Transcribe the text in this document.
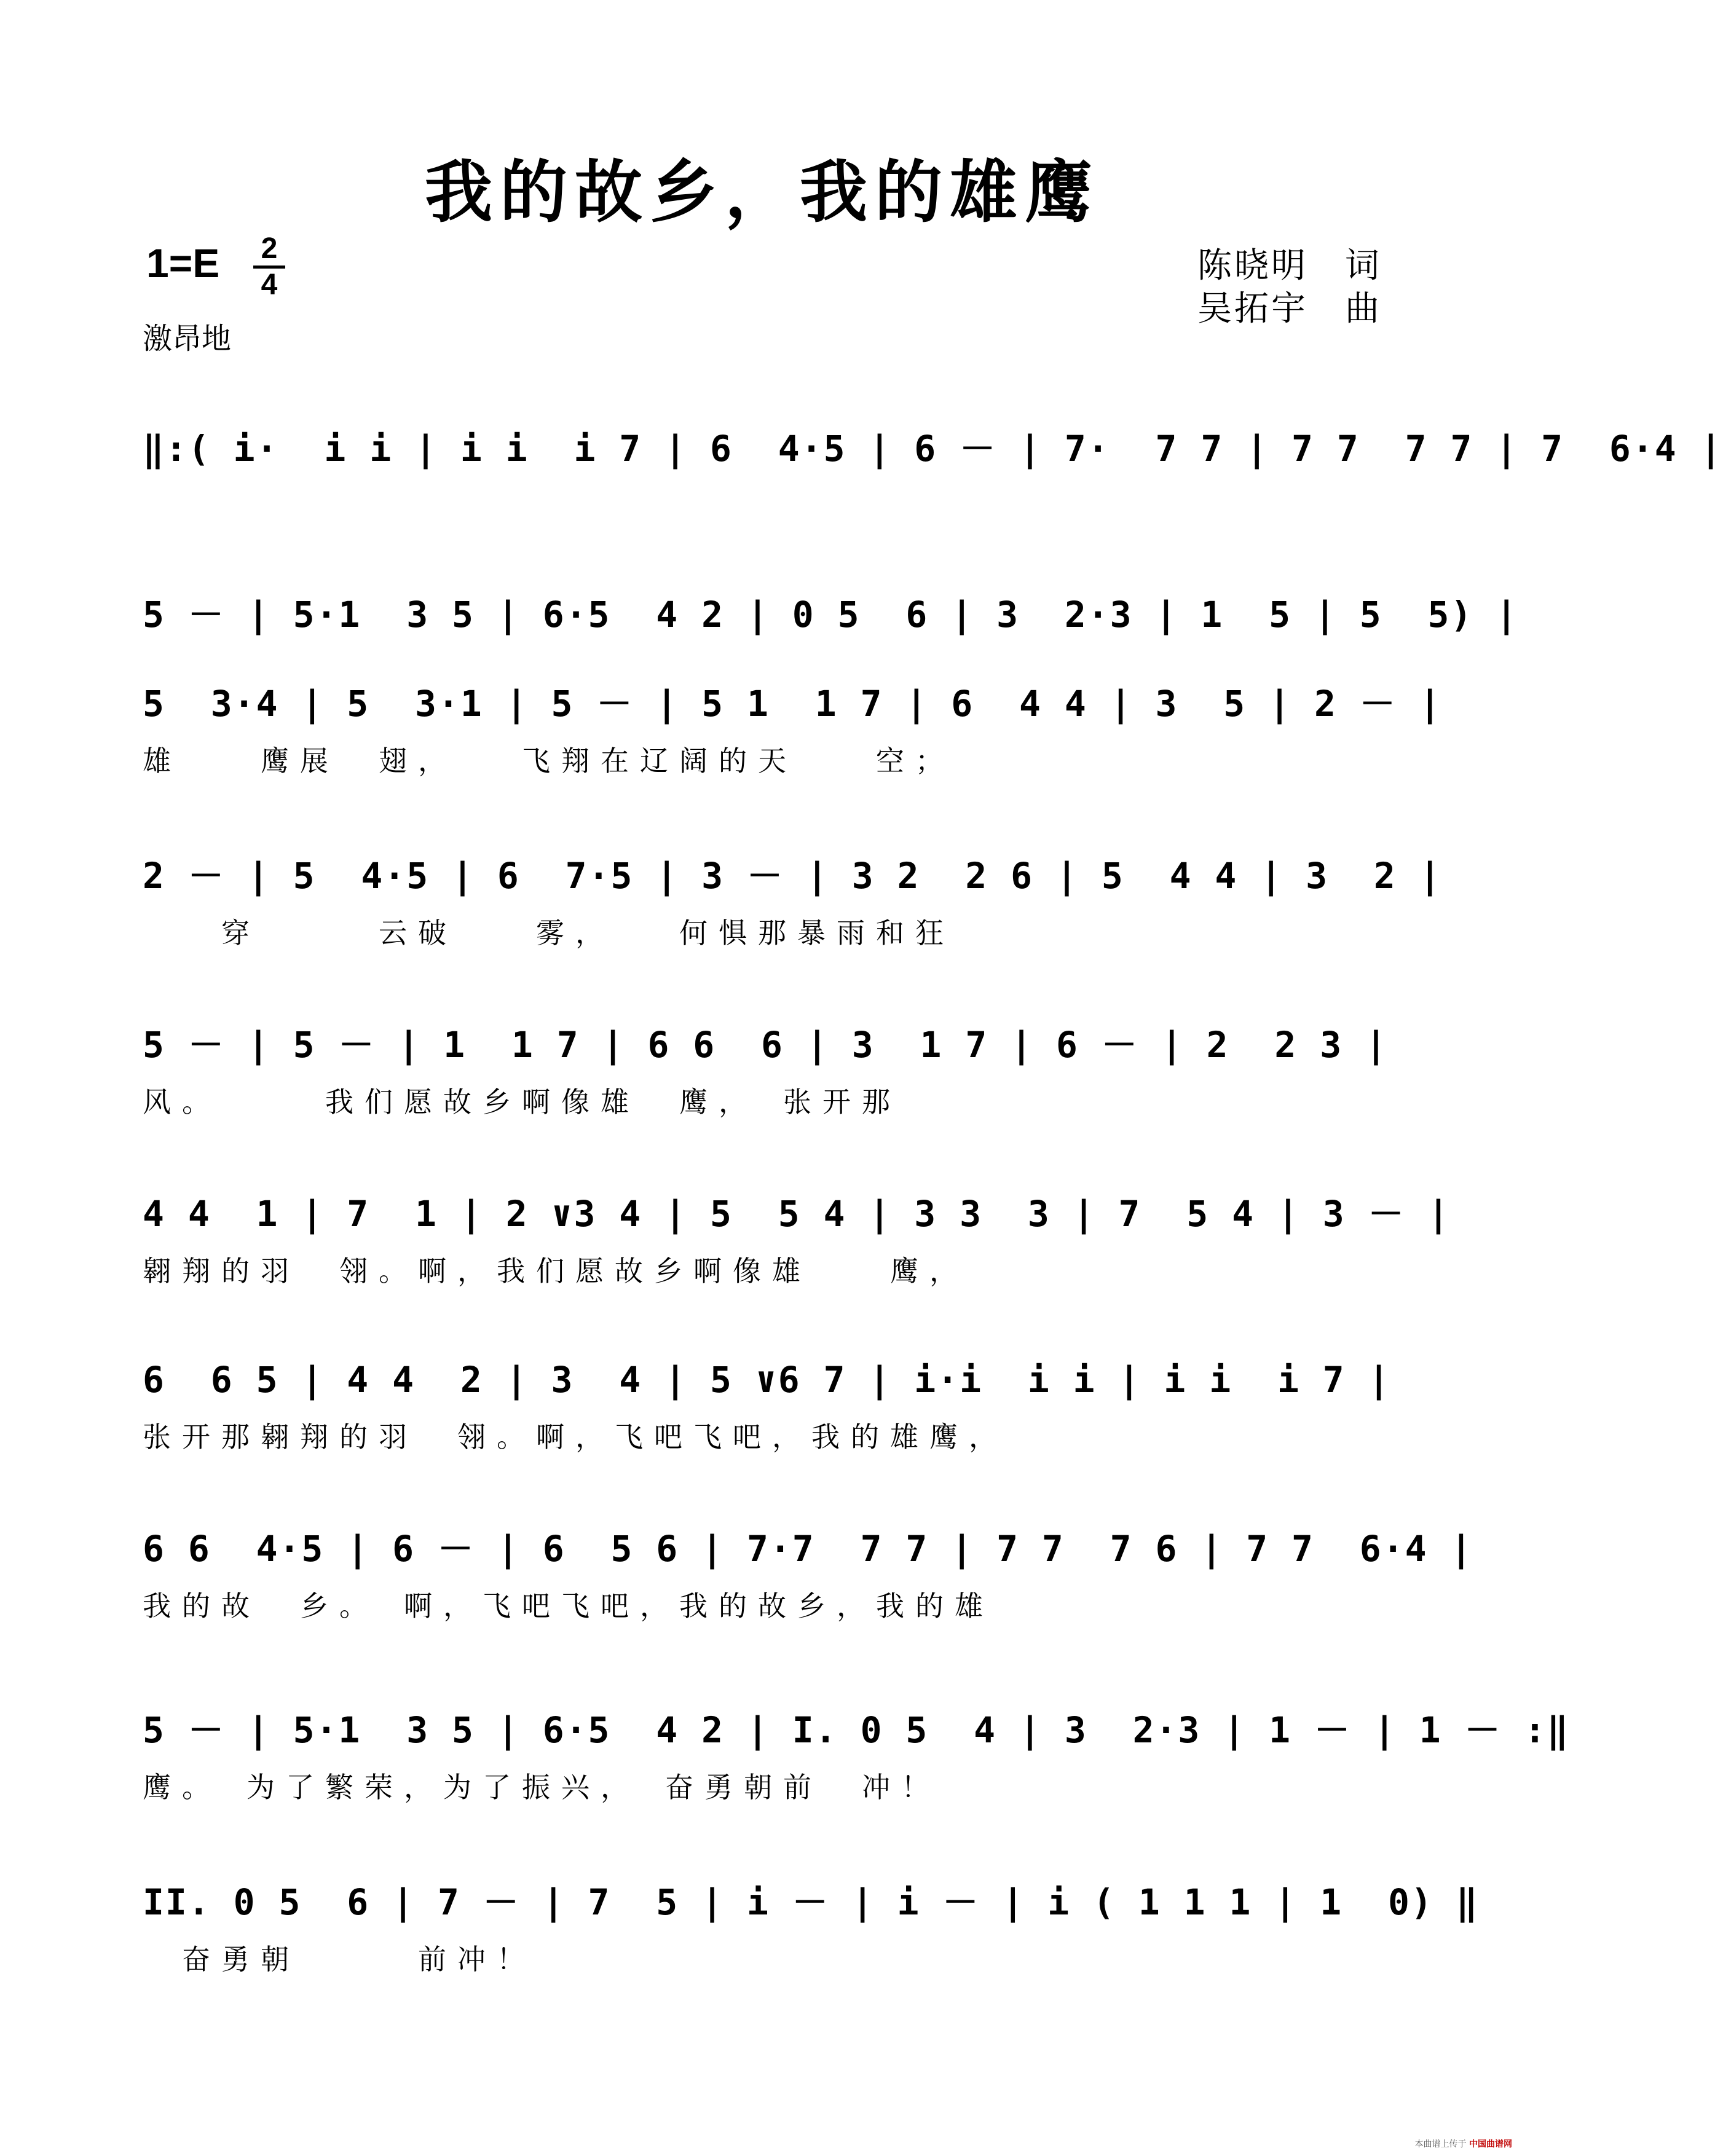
我的故乡，我的雄鹰
1=E 2
4
激昂地
陈晓明　词
吴拓宇　曲
‖:( i·  i i | i i  i 7 | 6  4·5 | 6 － | 7·  7 7 | 7 7  7 7 | 7  6·4 |
5 － | 5·1  3 5 | 6·5  4 2 | 0 5  6 | 3  2·3 | 1  5 | 5  5) |
5  3·4 | 5  3·1 | 5 － | 5 1  1 7 | 6  4 4 | 3  5 | 2 － |
雄　　鹰展　翅，　　飞翔在辽阔的天　　空；
2 － | 5  4·5 | 6  7·5 | 3 － | 3 2  2 6 | 5  4 4 | 3  2 |
　　穿　　　云破　　雾，　　何惧那暴雨和狂
5 － | 5 － | 1  1 7 | 6 6  6 | 3  1 7 | 6 － | 2  2 3 |
风。　　　我们愿故乡啊像雄　鹰，　张开那
4 4  1 | 7  1 | 2 ∨3 4 | 5  5 4 | 3 3  3 | 7  5 4 | 3 － |
翱翔的羽　翎。啊，我们愿故乡啊像雄　　鹰，
6  6 5 | 4 4  2 | 3  4 | 5 ∨6 7 | i·i  i i | i i  i 7 |
张开那翱翔的羽　翎。啊，飞吧飞吧，我的雄鹰，
6 6  4·5 | 6 － | 6  5 6 | 7·7  7 7 | 7 7  7 6 | 7 7  6·4 |
我的故　乡。　啊，飞吧飞吧，我的故乡，我的雄
5 － | 5·1  3 5 | 6·5  4 2 | I. 0 5  4 | 3  2·3 | 1 － | 1 － :‖
鹰。　为了繁荣，为了振兴，　奋勇朝前　冲！
II. 0 5  6 | 7 － | 7  5 | i － | i － | i ( 1 1 1 | 1  0) ‖
　奋勇朝　　　前冲！
本曲谱上传于 中国曲谱网
